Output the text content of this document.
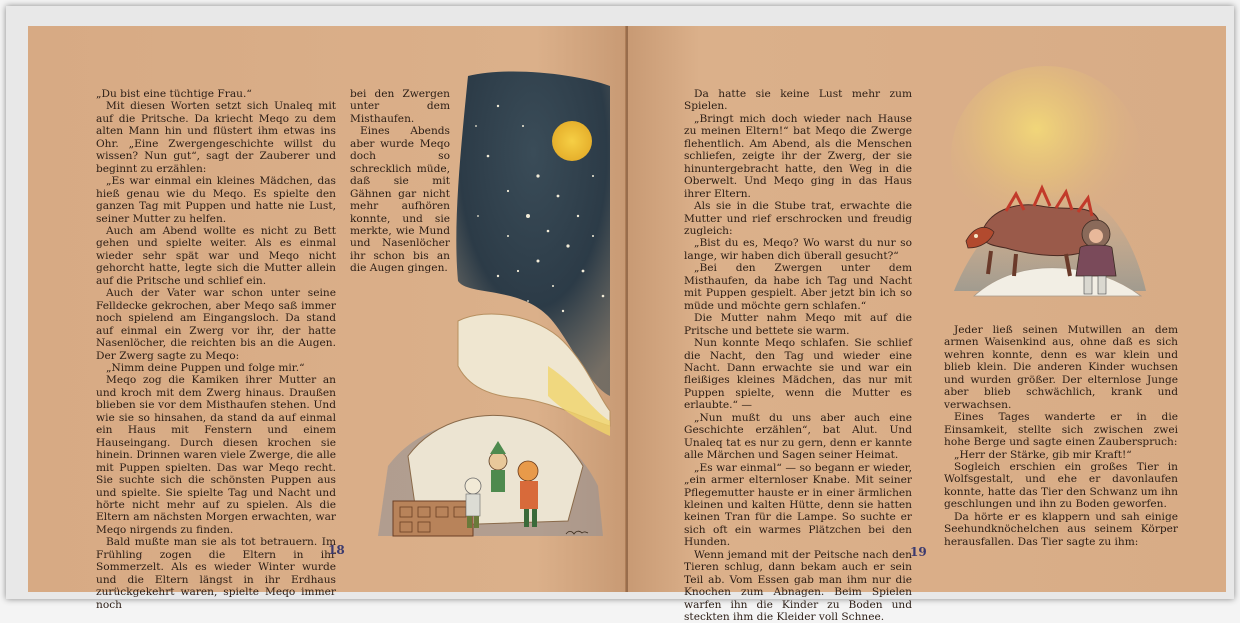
„Du bist eine tüchtige Frau.“

Mit diesen Worten setzt sich Unaleq mit auf die Pritsche. Da kriecht Meqo zu dem alten Mann hin und flüstert ihm etwas ins Ohr. „Eine Zwergengeschichte willst du wissen? Nun gut“, sagt der Zauberer und beginnt zu erzählen:

„Es war einmal ein kleines Mädchen, das hieß genau wie du Meqo. Es spielte den ganzen Tag mit Puppen und hatte nie Lust, seiner Mutter zu helfen.

Auch am Abend wollte es nicht zu Bett gehen und spielte weiter. Als es einmal wieder sehr spät war und Meqo nicht gehorcht hatte, legte sich die Mutter allein auf die Pritsche und schlief ein.

Auch der Vater war schon unter seine Felldecke gekrochen, aber Meqo saß immer noch spielend am Eingangsloch. Da stand auf einmal ein Zwerg vor ihr, der hatte Nasenlöcher, die reichten bis an die Augen. Der Zwerg sagte zu Meqo:

„Nimm deine Puppen und folge mir.“

Meqo zog die Kamiken ihrer Mutter an und kroch mit dem Zwerg hinaus. Draußen blieben sie vor dem Misthaufen stehen. Und wie sie so hinsahen, da stand da auf einmal ein Haus mit Fenstern und einem Hauseingang. Durch diesen krochen sie hinein. Drinnen waren viele Zwerge, die alle mit Puppen spielten. Das war Meqo recht. Sie suchte sich die schönsten Puppen aus und spielte. Sie spielte Tag und Nacht und hörte nicht mehr auf zu spielen. Als die Eltern am nächsten Morgen erwachten, war Meqo nirgends zu finden.

Bald mußte man sie als tot betrauern. Im Frühling zogen die Eltern in ihr Sommerzelt. Als es wieder Winter wurde und die Eltern längst in ihr Erdhaus zurückgekehrt waren, spielte Meqo immer noch

bei den Zwergen unter dem Misthaufen.

Eines Abends aber wurde Meqo doch so schrecklich müde, daß sie mit Gähnen gar nicht mehr aufhören konnte, und sie merkte, wie Mund und Nasenlöcher ihr schon bis an die Augen gingen.

18

Da hatte sie keine Lust mehr zum Spielen.

„Bringt mich doch wieder nach Hause zu meinen Eltern!“ bat Meqo die Zwerge flehentlich. Am Abend, als die Menschen schliefen, zeigte ihr der Zwerg, der sie hinuntergebracht hatte, den Weg in die Oberwelt. Und Meqo ging in das Haus ihrer Eltern.

Als sie in die Stube trat, erwachte die Mutter und rief erschrocken und freudig zugleich:

„Bist du es, Meqo? Wo warst du nur so lange, wir haben dich überall gesucht?“

„Bei den Zwergen unter dem Misthaufen, da habe ich Tag und Nacht mit Puppen gespielt. Aber jetzt bin ich so müde und möchte gern schlafen.“

Die Mutter nahm Meqo mit auf die Pritsche und bettete sie warm.

Nun konnte Meqo schlafen. Sie schlief die Nacht, den Tag und wieder eine Nacht. Dann erwachte sie und war ein fleißiges kleines Mädchen, das nur mit Puppen spielte, wenn die Mutter es erlaubte.“ —

„Nun mußt du uns aber auch eine Geschichte erzählen“, bat Alut. Und Unaleq tat es nur zu gern, denn er kannte alle Märchen und Sagen seiner Heimat.

„Es war einmal“ — so begann er wieder, „ein armer elternloser Knabe. Mit seiner Pflegemutter hauste er in einer ärmlichen kleinen und kalten Hütte, denn sie hatten keinen Tran für die Lampe. So suchte er sich oft ein warmes Plätzchen bei den Hunden.

Wenn jemand mit der Peitsche nach den Tieren schlug, dann bekam auch er sein Teil ab. Vom Essen gab man ihm nur die Knochen zum Abnagen. Beim Spielen warfen ihn die Kinder zu Boden und steckten ihm die Kleider voll Schnee.

Jeder ließ seinen Mutwillen an dem armen Waisenkind aus, ohne daß es sich wehren konnte, denn es war klein und blieb klein. Die anderen Kinder wuchsen und wurden größer. Der elternlose Junge aber blieb schwächlich, krank und verwachsen.

Eines Tages wanderte er in die Einsamkeit, stellte sich zwischen zwei hohe Berge und sagte einen Zauberspruch:

„Herr der Stärke, gib mir Kraft!“

Sogleich erschien ein großes Tier in Wolfsgestalt, und ehe er davonlaufen konnte, hatte das Tier den Schwanz um ihn geschlungen und ihn zu Boden geworfen.

Da hörte er es klappern und sah einige Seehundknöchelchen aus seinem Körper herausfallen. Das Tier sagte zu ihm:

19
